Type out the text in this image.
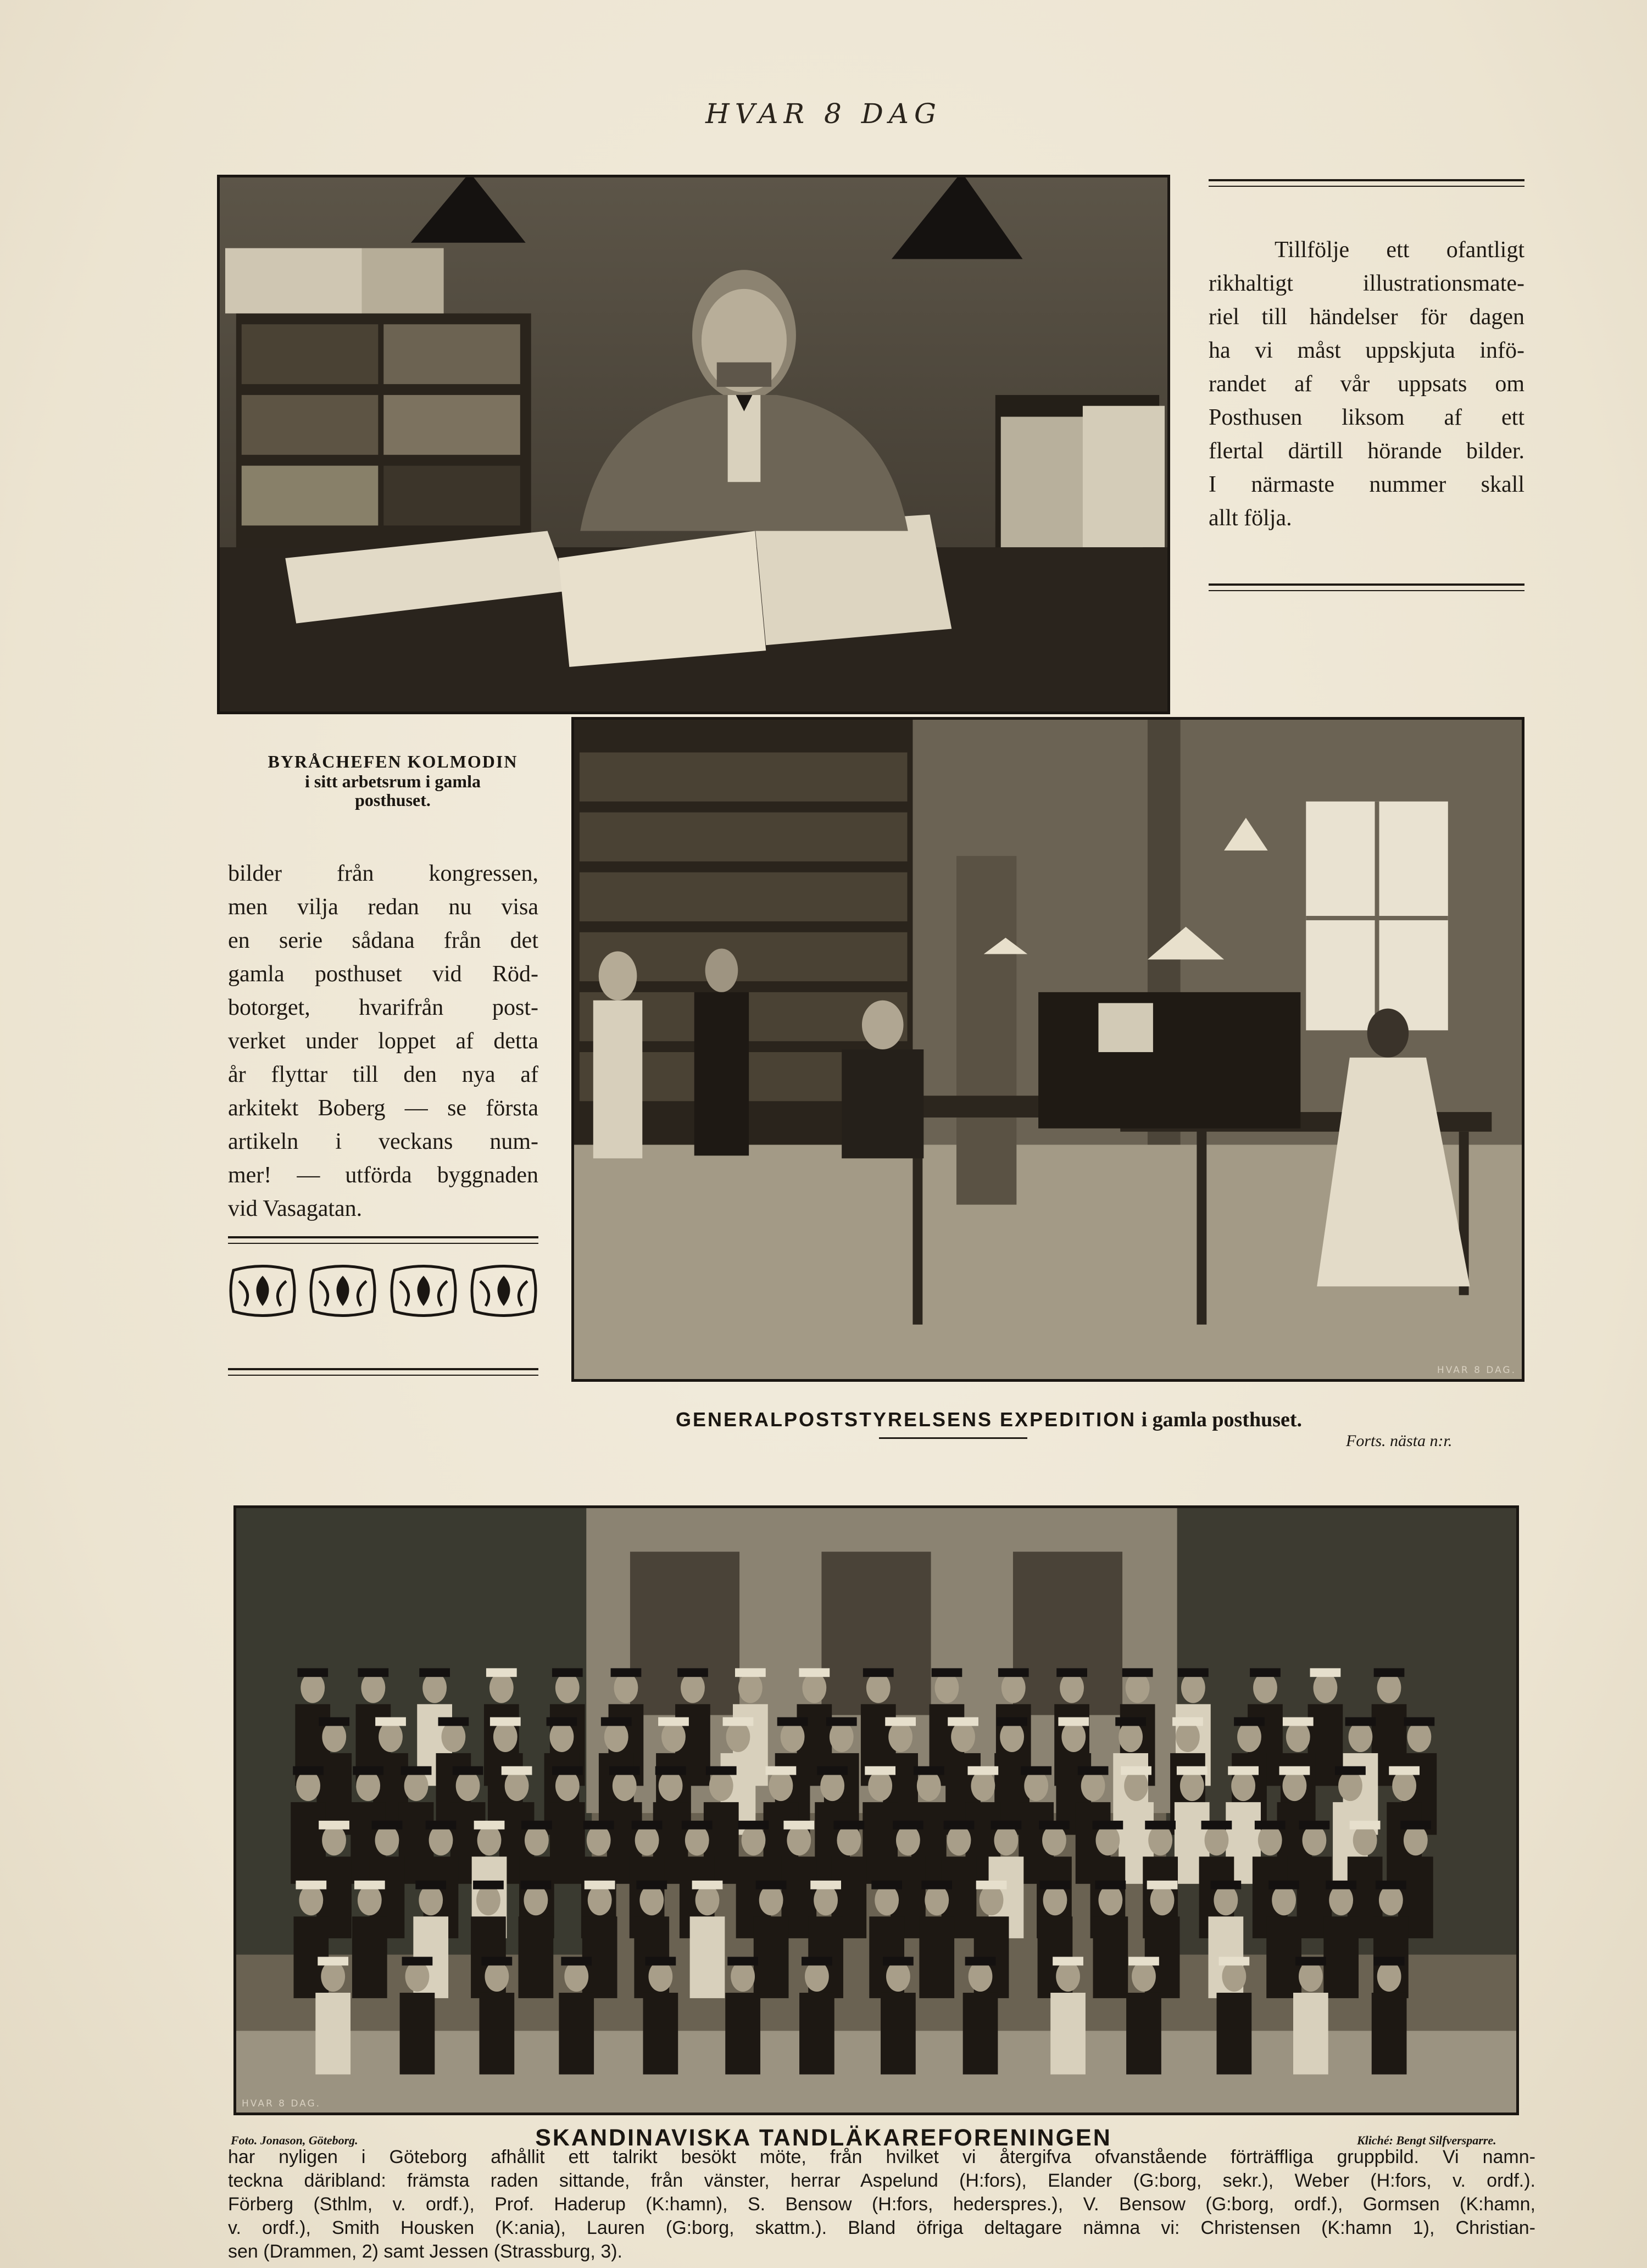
HVAR 8 DAG
Tillfölje ett ofantligt
rikhaltigt illustrationsmate-
riel till händelser för dagen
ha vi måst uppskjuta infö-
randet af vår uppsats om
Posthusen liksom af ett
flertal därtill hörande bilder.
I närmaste nummer skall
allt följa.
BYRÅCHEFEN KOLMODIN
i sitt arbetsrum i gamla
posthuset.
bilder från kongressen,
men vilja redan nu visa
en serie sådana från det
gamla posthuset vid Röd-
botorget, hvarifrån post-
verket under loppet af detta
år flyttar till den nya af
arkitekt Boberg — se första
artikeln i veckans num-
mer! — utförda byggnaden
vid Vasagatan.
HVAR 8 DAG.
GENERALPOSTSTYRELSENS EXPEDITION i gamla posthuset.
Forts. nästa n:r.
HVAR 8 DAG.
Foto. Jonason, Göteborg.	Kliché: Bengt Silfversparre.
SKANDINAVISKA TANDLÄKAREFORENINGEN
har nyligen i Göteborg afhållit ett talrikt besökt möte, från hvilket vi återgifva ofvanstående förträffliga gruppbild. Vi namn-
teckna däribland: främsta raden sittande, från vänster, herrar Aspelund (H:fors), Elander (G:borg, sekr.), Weber (H:fors, v. ordf.).
Förberg (Sthlm, v. ordf.), Prof. Haderup (K:hamn), S. Bensow (H:fors, hederspres.), V. Bensow (G:borg, ordf.), Gormsen (K:hamn,
v. ordf.), Smith Housken (K:ania), Lauren (G:borg, skattm.). Bland öfriga deltagare nämna vi: Christensen (K:hamn 1), Christian-
sen (Drammen, 2) samt Jessen (Strassburg, 3).
